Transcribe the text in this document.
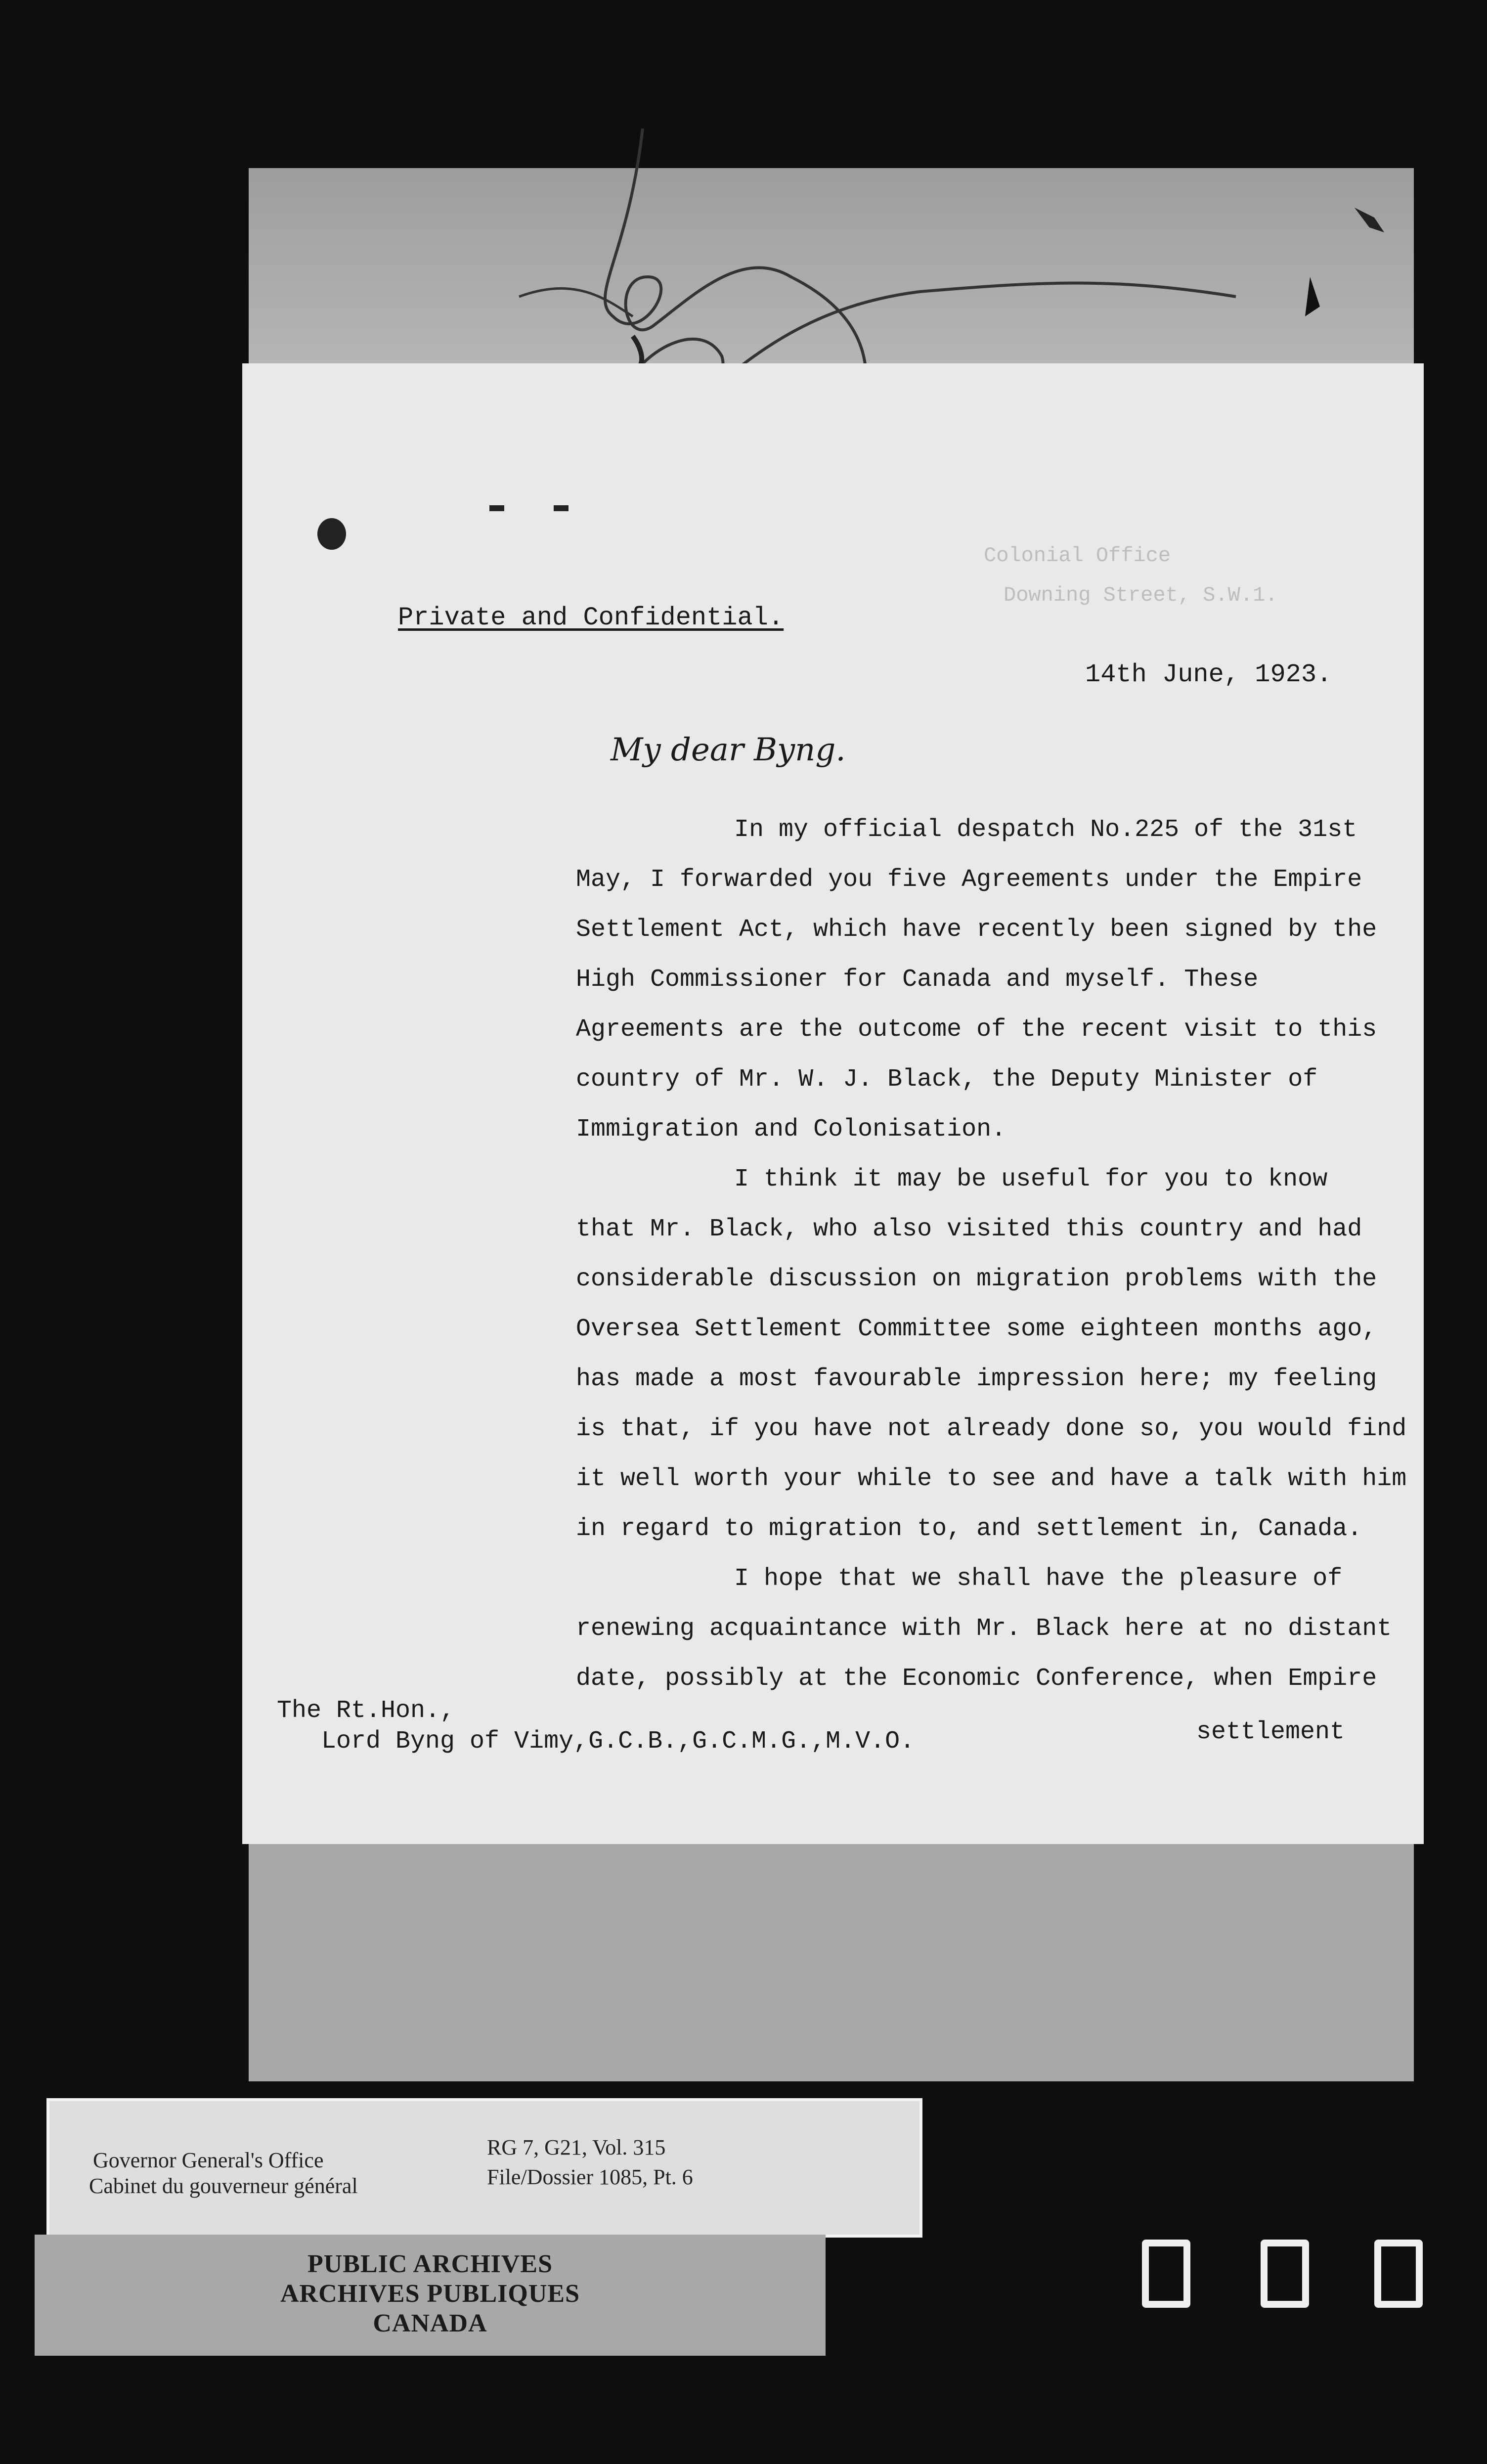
Colonial Office
Downing Street, S.W.1.
Private and Confidential.
14th June, 1923.
My dear Byng.
In my official despatch No.225 of the 31st
May, I forwarded you five Agreements under the Empire
Settlement Act, which have recently been signed by the
High Commissioner for Canada and myself. These
Agreements are the outcome of the recent visit to this
country of Mr. W. J. Black, the Deputy Minister of
Immigration and Colonisation.
I think it may be useful for you to know
that Mr. Black, who also visited this country and had
considerable discussion on migration problems with the
Oversea Settlement Committee some eighteen months ago,
has made a most favourable impression here; my feeling
is that, if you have not already done so, you would find
it well worth your while to see and have a talk with him
in regard to migration to, and settlement in, Canada.
I hope that we shall have the pleasure of
renewing acquaintance with Mr. Black here at no distant
date, possibly at the Economic Conference, when Empire
The Rt.Hon.,
Lord Byng of Vimy,G.C.B.,G.C.M.G.,M.V.O.	settlement
Governor General's Office
Cabinet du gouverneur général
RG 7, G21, Vol. 315
File/Dossier 1085, Pt. 6
PUBLIC ARCHIVES
ARCHIVES PUBLIQUES
CANADA
